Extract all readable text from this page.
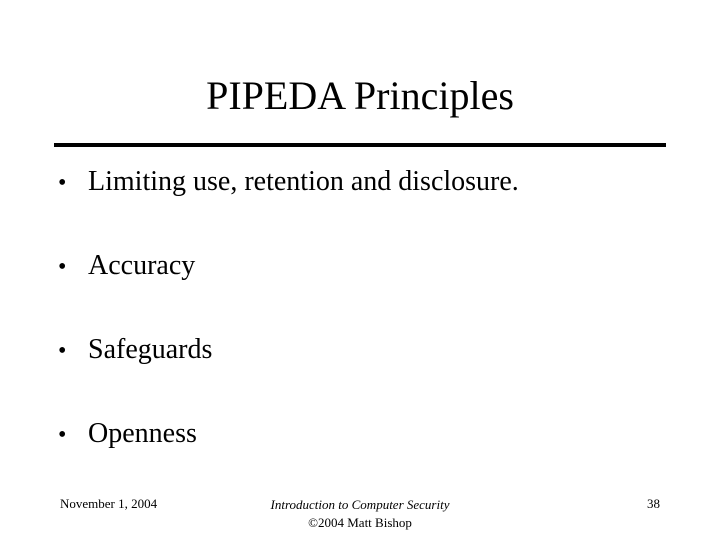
PIPEDA Principles
• Limiting use, retention and disclosure.
• Accuracy
• Safeguards
• Openness
November 1, 2004	Introduction to Computer Security
©2004 Matt Bishop
38
